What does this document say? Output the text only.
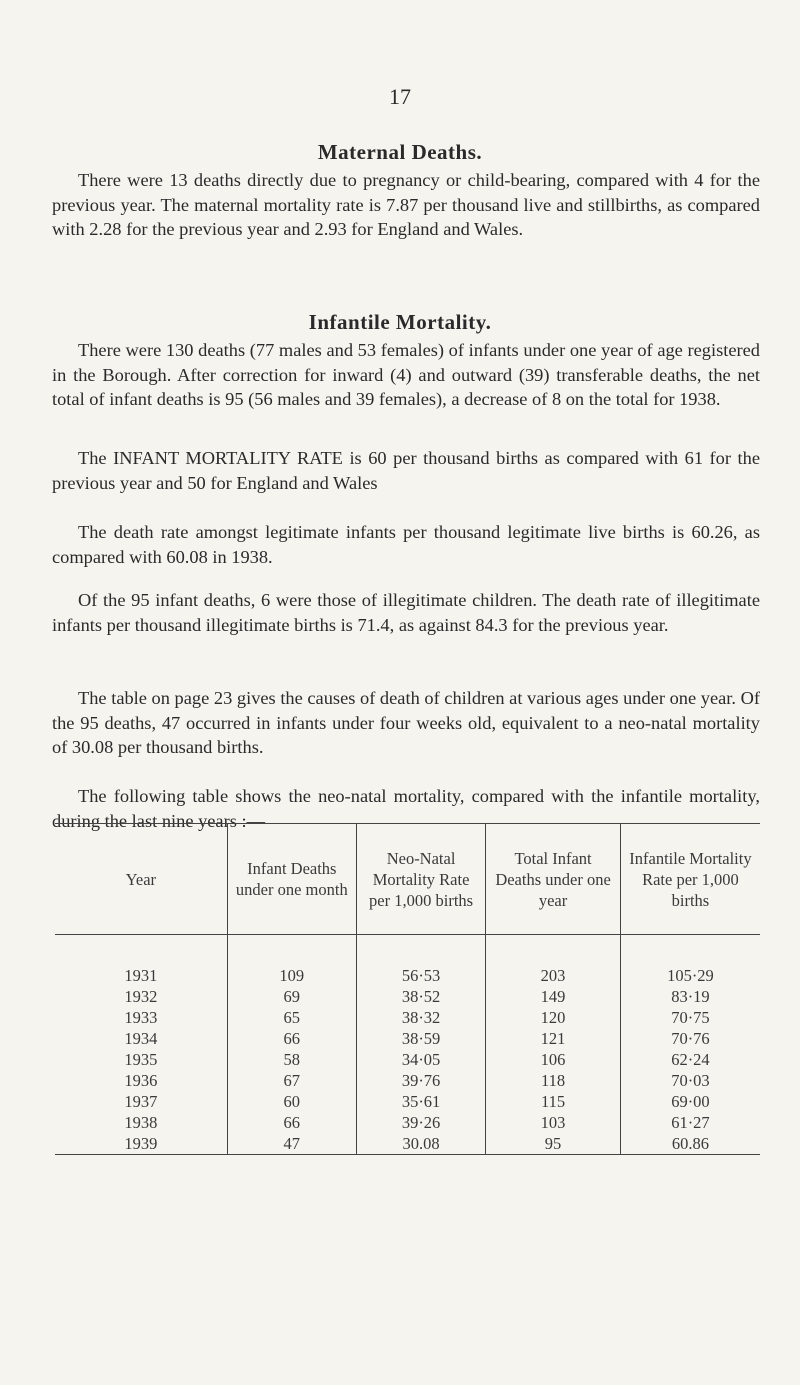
17
Maternal Deaths.

There were 13 deaths directly due to pregnancy or child-bearing, compared with 4 for the previous year. The maternal mortality rate is 7.87 per thousand live and stillbirths, as compared with 2.28 for the previous year and 2.93 for England and Wales.

Infantile Mortality.

There were 130 deaths (77 males and 53 females) of infants under one year of age registered in the Borough. After correction for inward (4) and outward (39) transferable deaths, the net total of infant deaths is 95 (56 males and 39 females), a decrease of 8 on the total for 1938.

The INFANT MORTALITY RATE is 60 per thousand births as compared with 61 for the previous year and 50 for England and Wales

The death rate amongst legitimate infants per thousand legitimate live births is 60.26, as compared with 60.08 in 1938.

Of the 95 infant deaths, 6 were those of illegitimate children. The death rate of illegitimate infants per thousand illegitimate births is 71.4, as against 84.3 for the previous year.

The table on page 23 gives the causes of death of children at various ages under one year. Of the 95 deaths, 47 occurred in infants under four weeks old, equivalent to a neo-natal mortality of 30.08 per thousand births.

The following table shows the neo-natal mortality, compared with the infantile mortality, during the last nine years :—

Year	Infant Deaths under one month	Neo-Natal Mortality Rate per 1,000 births	Total Infant Deaths under one year	Infantile Mortality Rate per 1,000 births
1931	109	56·53	203	105·29
1932	69	38·52	149	83·19
1933	65	38·32	120	70·75
1934	66	38·59	121	70·76
1935	58	34·05	106	62·24
1936	67	39·76	118	70·03
1937	60	35·61	115	69·00
1938	66	39·26	103	61·27
1939	47	30.08	95	60.86
